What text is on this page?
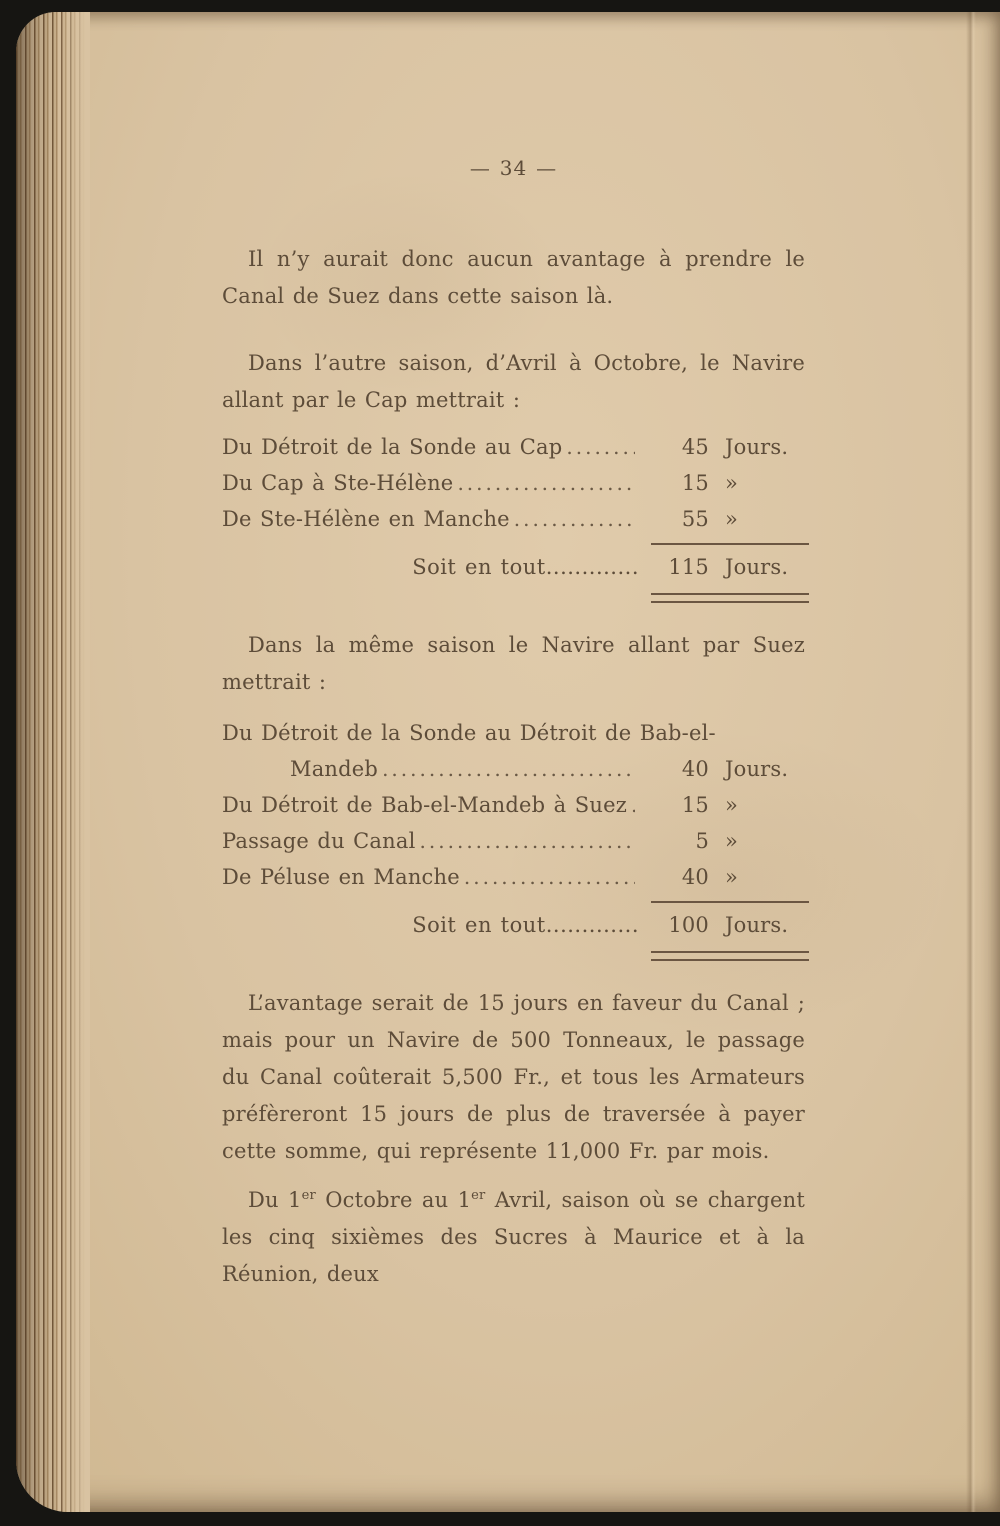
— 34 —

Il n’y aurait donc aucun avantage à prendre le Canal de Suez dans cette saison là.

Dans l’autre saison, d’Avril à Octobre, le Navire allant par le Cap mettrait :

Du Détroit de la Sonde au Cap .....	45 Jours.
Du Cap à Ste-Hélène .....	15 »
De Ste-Hélène en Manche .....	55 »
Soit en tout.............	115 Jours.

Dans la même saison le Navire allant par Suez mettrait :

Du Détroit de la Sonde au Détroit de Bab-el-
Mandeb .....	40 Jours.
Du Détroit de Bab-el-Mandeb à Suez .....	15 »
Passage du Canal .....	5 »
De Péluse en Manche .....	40 »
Soit en tout.............	100 Jours.

L’avantage serait de 15 jours en faveur du Canal ; mais pour un Navire de 500 Tonneaux, le passage du Canal coûterait 5,500 Fr., et tous les Armateurs préfèreront 15 jours de plus de traversée à payer cette somme, qui représente 11,000 Fr. par mois.

Du 1er Octobre au 1er Avril, saison où se chargent les cinq sixièmes des Sucres à Maurice et à la Réunion, deux
